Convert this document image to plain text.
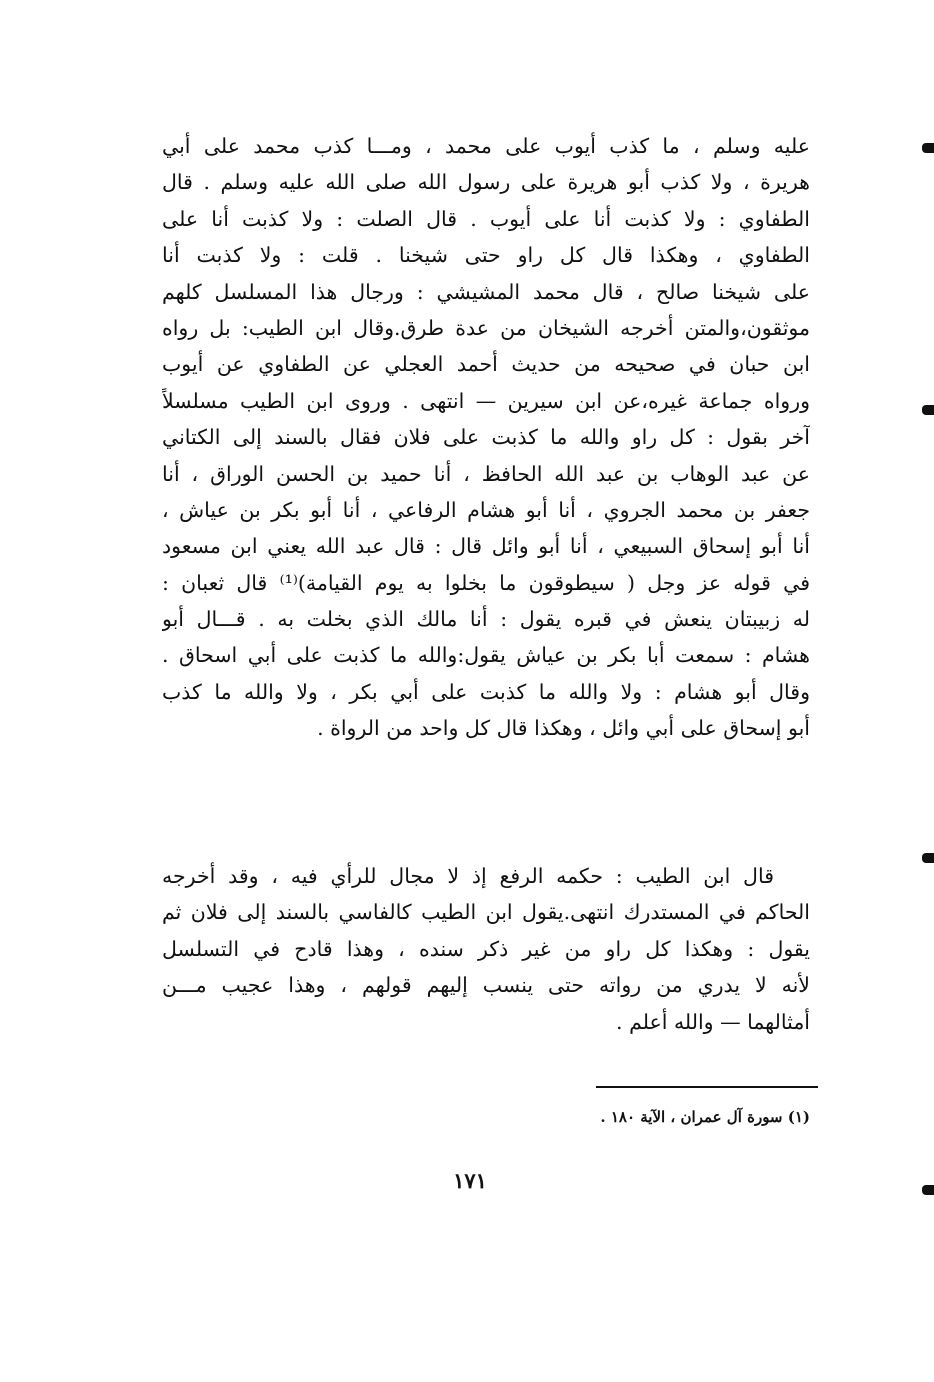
عليه وسلم ، ما كذب أيوب على محمد ، ومـــا كذب محمد على أبي
هريرة ، ولا كذب أبو هريرة على رسول الله صلى الله عليه وسلم . قال
الطفاوي : ولا كذبت أنا على أيوب . قال الصلت : ولا كذبت أنا على
الطفاوي ، وهكذا قال كل راو حتى شيخنا . قلت : ولا كذبت أنا
على شيخنا صالح ، قال محمد المشيشي : ورجال هذا المسلسل كلهم
موثقون،والمتن أخرجه الشيخان من عدة طرق.وقال ابن الطيب: بل رواه
ابن حبان في صحيحه من حديث أحمد العجلي عن الطفاوي عن أيوب
ورواه جماعة غيره،عن ابن سيرين — انتهى . وروى ابن الطيب مسلسلاً
آخر بقول : كل راو والله ما كذبت على فلان فقال بالسند إلى الكتاني
عن عبد الوهاب بن عبد الله الحافظ ، أنا حميد بن الحسن الوراق ، أنا
جعفر بن محمد الجروي ، أنا أبو هشام الرفاعي ، أنا أبو بكر بن عياش ،
أنا أبو إسحاق السبيعي ، أنا أبو وائل قال : قال عبد الله يعني ابن مسعود
في قوله عز وجل ( سيطوقون ما بخلوا به يوم القيامة)⁽¹⁾ قال ثعبان :
له زبيبتان ينعش في قبره يقول : أنا مالك الذي بخلت به . قـــال أبو
هشام : سمعت أبا بكر بن عياش يقول:والله ما كذبت على أبي اسحاق .
وقال أبو هشام : ولا والله ما كذبت على أبي بكر ، ولا والله ما كذب
أبو إسحاق على أبي وائل ، وهكذا قال كل واحد من الرواة .
قال ابن الطيب : حكمه الرفع إذ لا مجال للرأي فيه ، وقد أخرجه
الحاكم في المستدرك انتهى.يقول ابن الطيب كالفاسي بالسند إلى فلان ثم
يقول : وهكذا كل راو من غير ذكر سنده ، وهذا قادح في التسلسل
لأنه لا يدري من رواته حتى ينسب إليهم قولهم ، وهذا عجيب مـــن
أمثالهما — والله أعلم .
(١) سورة آل عمران ، الآية ١٨٠ .
١٧١
